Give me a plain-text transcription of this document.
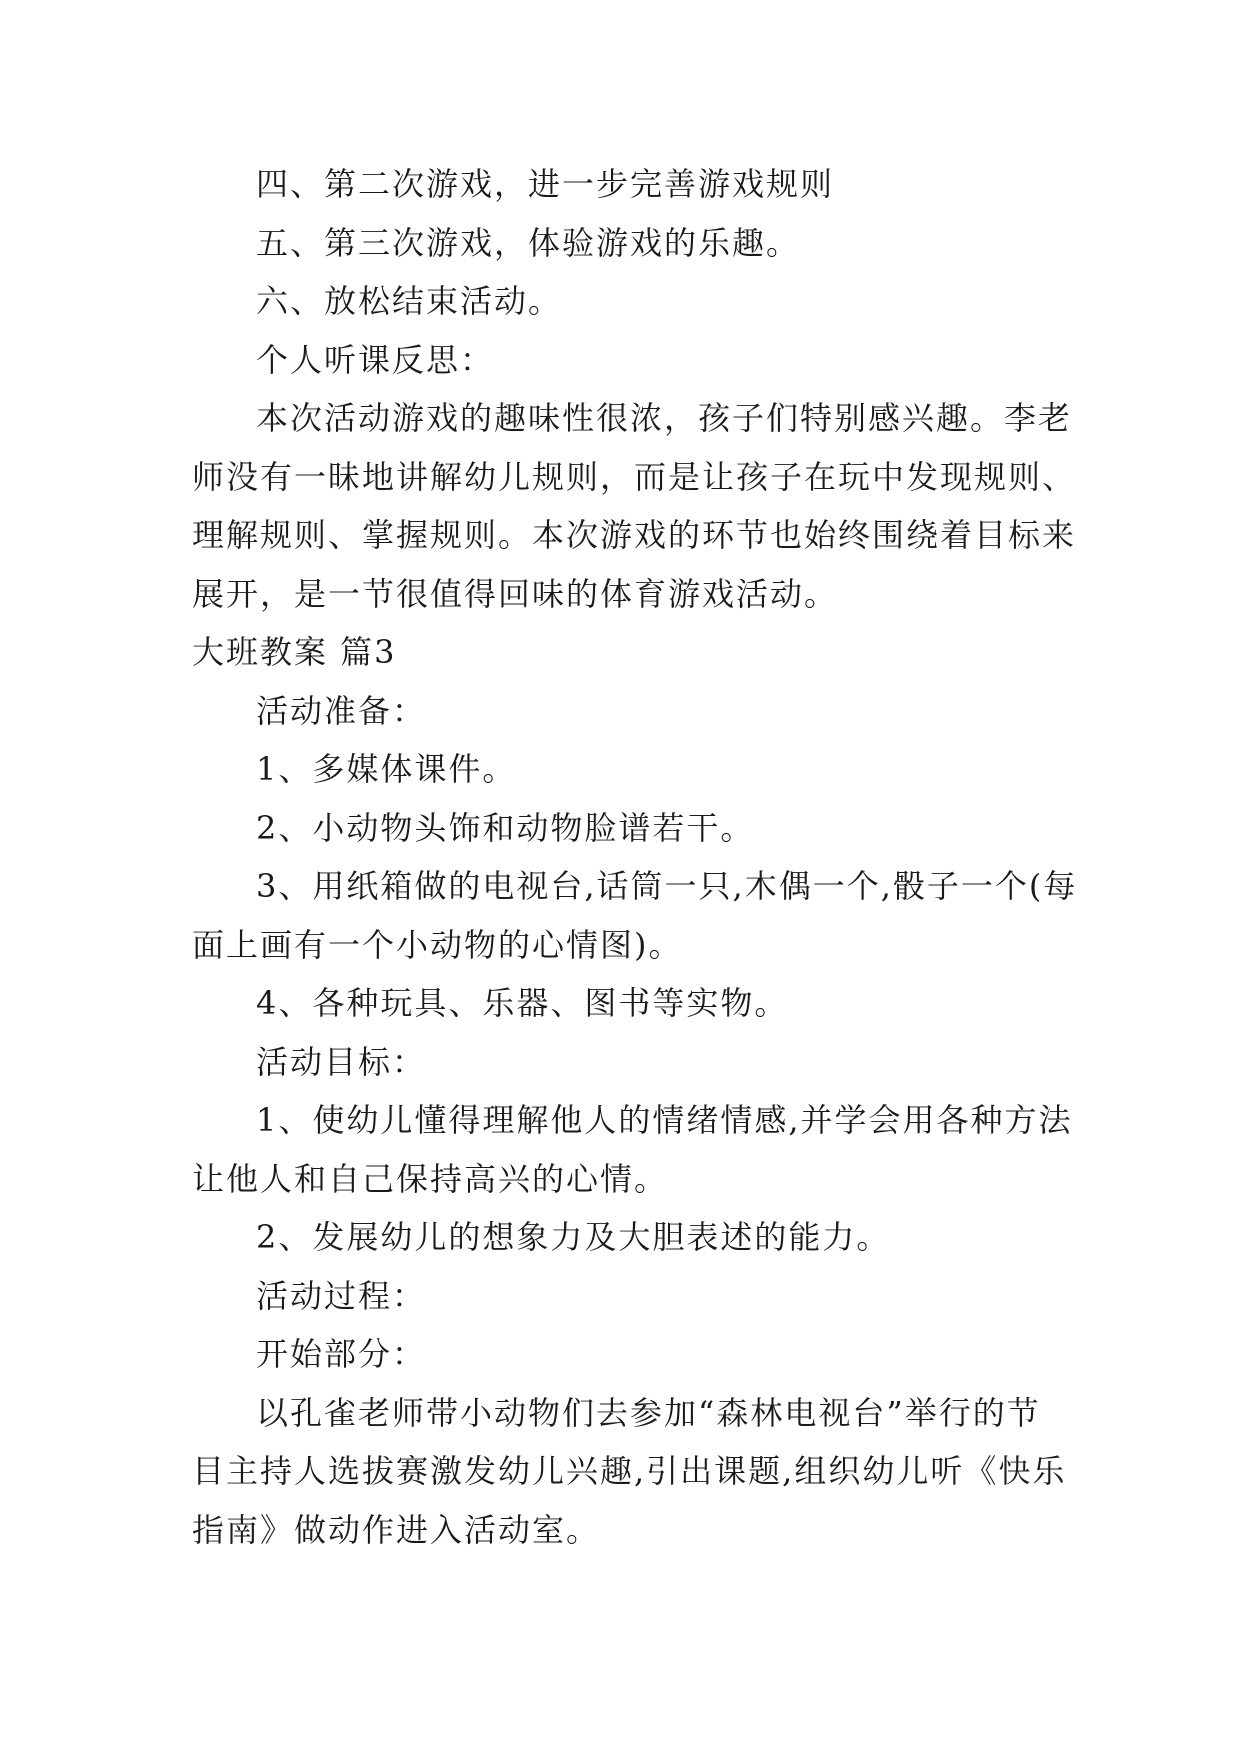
四、第二次游戏，进一步完善游戏规则
五、第三次游戏，体验游戏的乐趣。
六、放松结束活动。
个人听课反思：
本次活动游戏的趣味性很浓，孩子们特别感兴趣。李老
师没有一昧地讲解幼儿规则，而是让孩子在玩中发现规则、
理解规则、掌握规则。本次游戏的环节也始终围绕着目标来
展开，是一节很值得回味的体育游戏活动。
大班教案 篇3
活动准备：
1、多媒体课件。
2、小动物头饰和动物脸谱若干。
3、用纸箱做的电视台,话筒一只,木偶一个,骰子一个(每
面上画有一个小动物的心情图)。
4、各种玩具、乐器、图书等实物。
活动目标：
1、使幼儿懂得理解他人的情绪情感,并学会用各种方法
让他人和自己保持高兴的心情。
2、发展幼儿的想象力及大胆表述的能力。
活动过程：
开始部分：
以孔雀老师带小动物们去参加“森林电视台”举行的节
目主持人选拔赛激发幼儿兴趣,引出课题,组织幼儿听《快乐
指南》做动作进入活动室。
